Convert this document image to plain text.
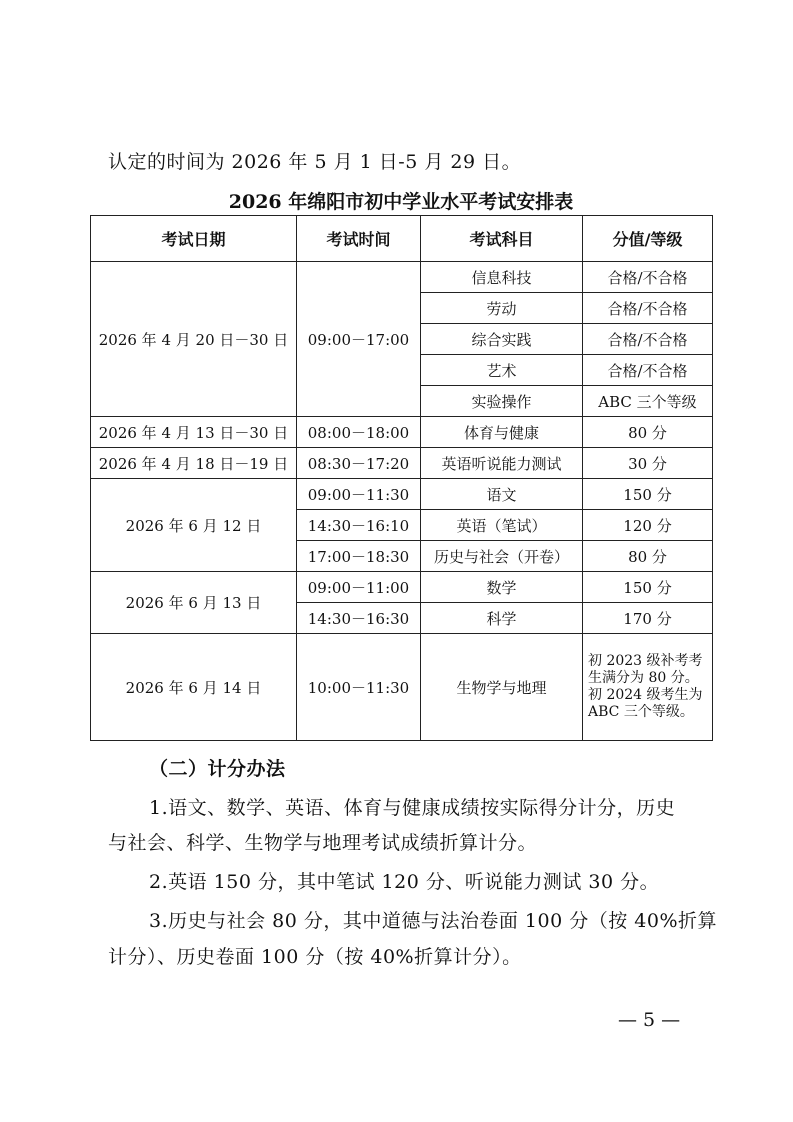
认定的时间为 2026 年 5 月 1 日-5 月 29 日。
2026 年绵阳市初中学业水平考试安排表
考试日期	考试时间	考试科目	分值/等级
2026 年 4 月 20 日－30 日	09:00－17:00	信息科技	合格/不合格
		劳动	合格/不合格
		综合实践	合格/不合格
		艺术	合格/不合格
		实验操作	ABC 三个等级
2026 年 4 月 13 日－30 日	08:00－18:00	体育与健康	80 分
2026 年 4 月 18 日－19 日	08:30－17:20	英语听说能力测试	30 分
2026 年 6 月 12 日	09:00－11:30	语文	150 分
	14:30－16:10	英语（笔试）	120 分
	17:00－18:30	历史与社会（开卷）	80 分
2026 年 6 月 13 日	09:00－11:00	数学	150 分
	14:30－16:30	科学	170 分
2026 年 6 月 14 日	10:00－11:30	生物学与地理	初 2023 级补考考生满分为 80 分。初 2024 级考生为 ABC 三个等级。
（二）计分办法
1.语文、数学、英语、体育与健康成绩按实际得分计分，历史
与社会、科学、生物学与地理考试成绩折算计分。
2.英语 150 分，其中笔试 120 分、听说能力测试 30 分。
3.历史与社会 80 分，其中道德与法治卷面 100 分（按 40%折算
计分）、历史卷面 100 分（按 40%折算计分）。
— 5 —
